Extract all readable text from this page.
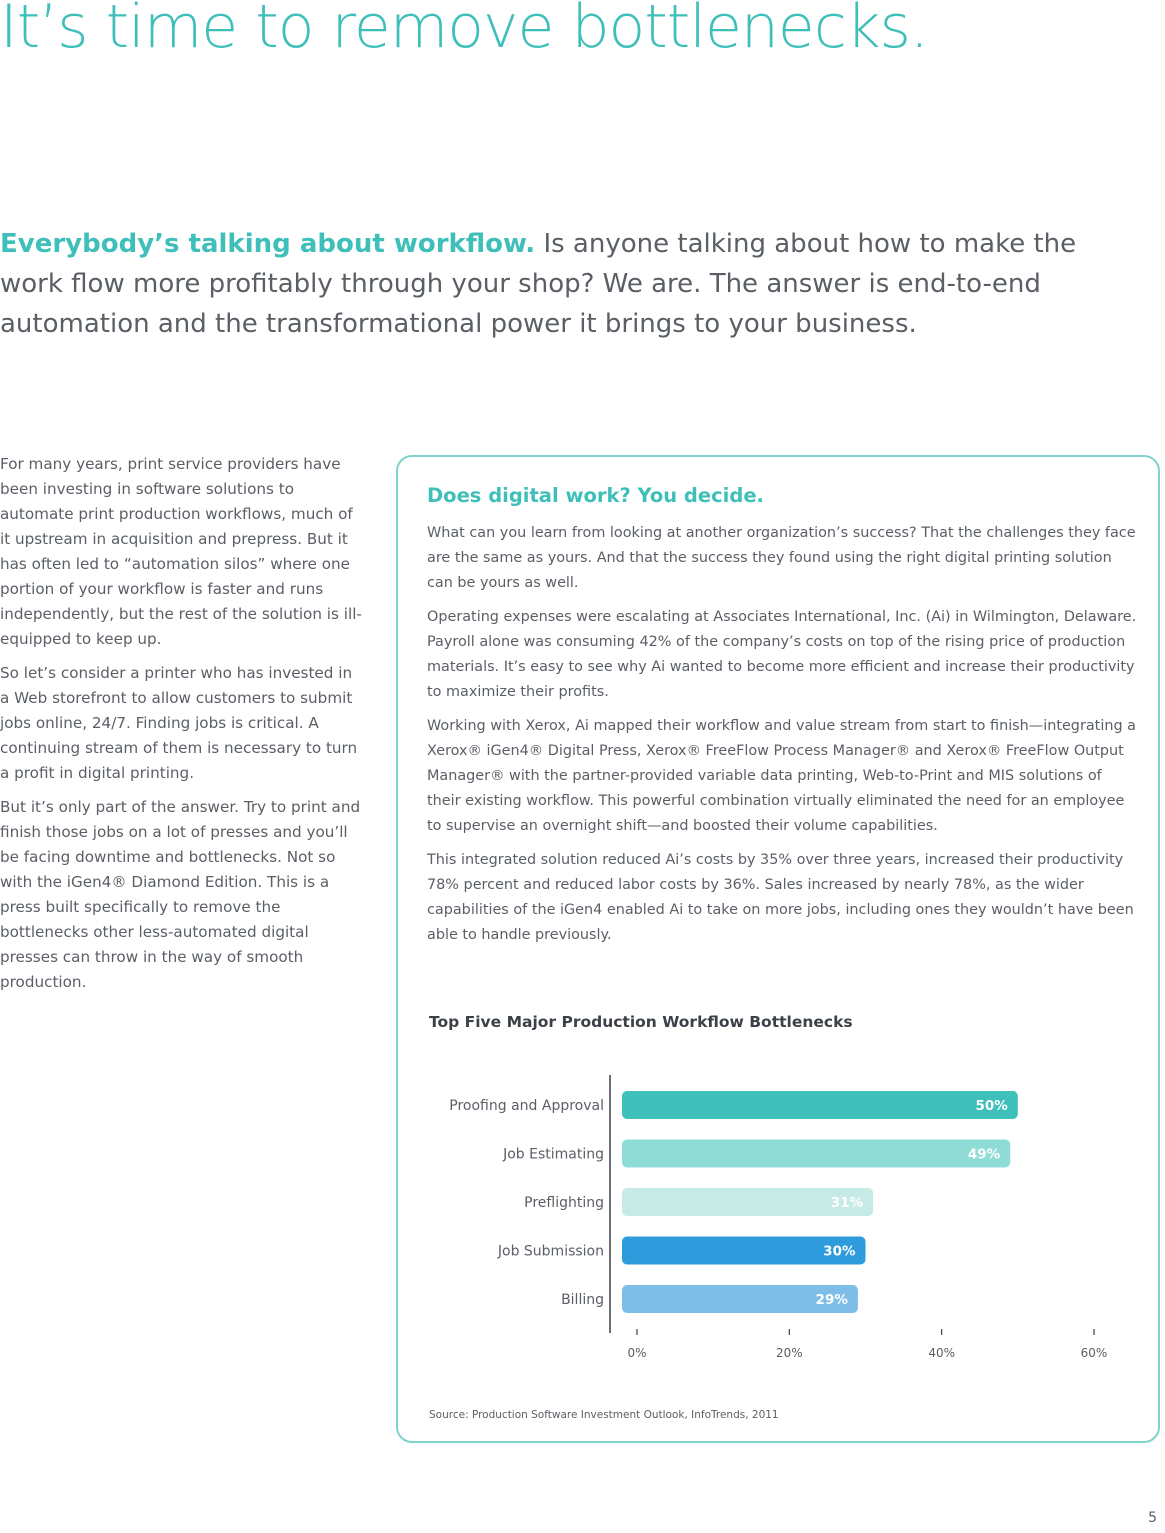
It’s time to remove bottlenecks.

Everybody’s talking about workflow. Is anyone talking about how to make the work flow more profitably through your shop? We are. The answer is end-to-end automation and the transformational power it brings to your business.

For many years, print service providers have been investing in software solutions to automate print production workflows, much of it upstream in acquisition and prepress. But it has often led to “automation silos” where one portion of your workflow is faster and runs independently, but the rest of the solution is ill-equipped to keep up.

So let’s consider a printer who has invested in a Web storefront to allow customers to submit jobs online, 24/7. Finding jobs is critical. A continuing stream of them is necessary to turn a profit in digital printing.

But it’s only part of the answer. Try to print and finish those jobs on a lot of presses and you’ll be facing downtime and bottlenecks. Not so with the iGen4® Diamond Edition. This is a press built specifically to remove the bottlenecks other less-automated digital presses can throw in the way of smooth production.

Does digital work? You decide.

What can you learn from looking at another organization’s success? That the challenges they face are the same as yours. And that the success they found using the right digital printing solution can be yours as well.

Operating expenses were escalating at Associates International, Inc. (Ai) in Wilmington, Delaware. Payroll alone was consuming 42% of the company’s costs on top of the rising price of production materials. It’s easy to see why Ai wanted to become more efficient and increase their productivity to maximize their profits.

Working with Xerox, Ai mapped their workflow and value stream from start to finish—integrating a Xerox® iGen4® Digital Press, Xerox® FreeFlow Process Manager® and Xerox® FreeFlow Output Manager® with the partner-provided variable data printing, Web-to-Print and MIS solutions of their existing workflow. This powerful combination virtually eliminated the need for an employee to supervise an overnight shift—and boosted their volume capabilities.

This integrated solution reduced Ai’s costs by 35% over three years, increased their productivity 78% percent and reduced labor costs by 36%. Sales increased by nearly 78%, as the wider capabilities of the iGen4 enabled Ai to take on more jobs, including ones they wouldn’t have been able to handle previously.

Top Five Major Production Workflow Bottlenecks
0%	20%	40%	60%
Proofing and Approval	50%
Job Estimating	49%
Preflighting	31%
Job Submission	30%
Billing	29%

Source: Production Software Investment Outlook, InfoTrends, 2011

5
